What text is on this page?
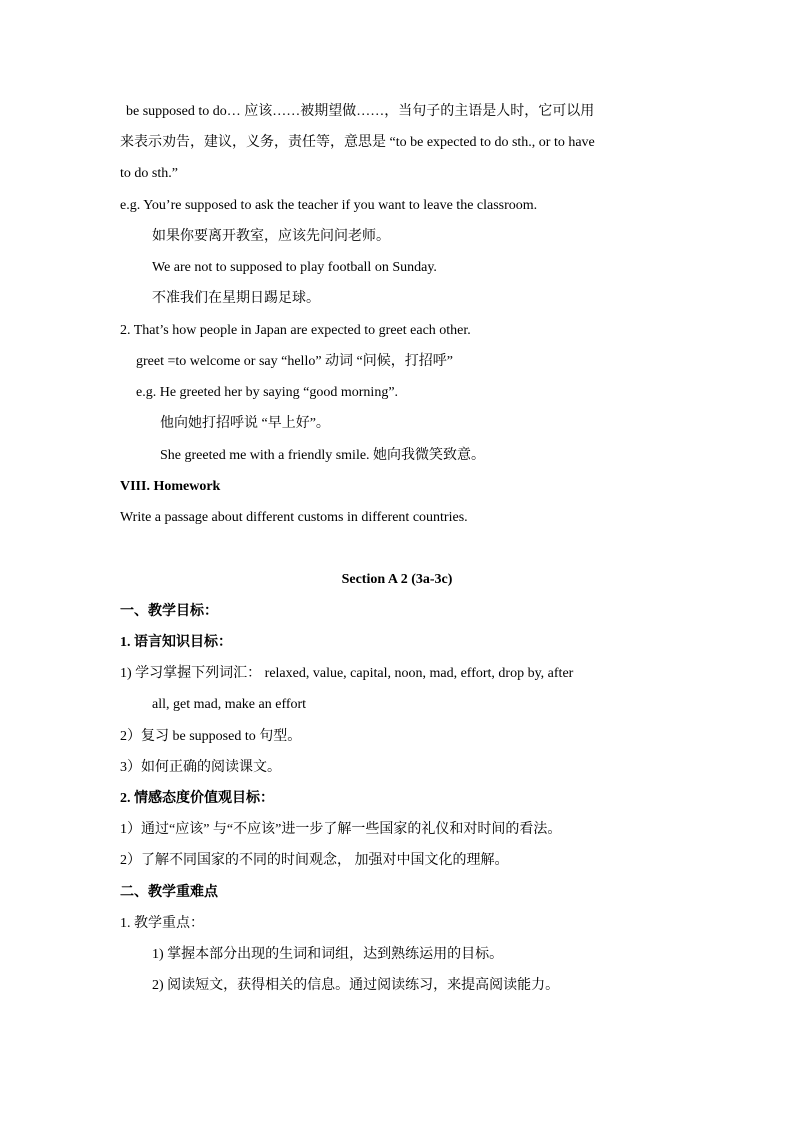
be supposed to do… 应该……被期望做……，当句子的主语是人时，它可以用
来表示劝告，建议，义务，责任等，意思是 “to be expected to do sth., or to have
to do sth.”
e.g. You’re supposed to ask the teacher if you want to leave the classroom.
如果你要离开教室，应该先问问老师。
We are not to supposed to play football on Sunday.
不准我们在星期日踢足球。
2. That’s how people in Japan are expected to greet each other.
greet =to welcome or say “hello” 动词 “问候，打招呼”
e.g. He greeted her by saying “good morning”.
他向她打招呼说 “早上好”。
She greeted me with a friendly smile. 她向我微笑致意。
VIII. Homework
Write a passage about different customs in different countries.
Section A 2 (3a-3c)
一、教学目标：
1. 语言知识目标：
1) 学习掌握下列词汇： relaxed, value, capital, noon, mad, effort, drop by, after
all, get mad, make an effort
2）复习 be supposed to 句型。
3）如何正确的阅读课文。
2. 情感态度价值观目标：
1）通过“应该” 与“不应该”进一步了解一些国家的礼仪和对时间的看法。
2）了解不同国家的不同的时间观念， 加强对中国文化的理解。
二、教学重难点
1. 教学重点：
1) 掌握本部分出现的生词和词组，达到熟练运用的目标。
2) 阅读短文，获得相关的信息。通过阅读练习，来提高阅读能力。
